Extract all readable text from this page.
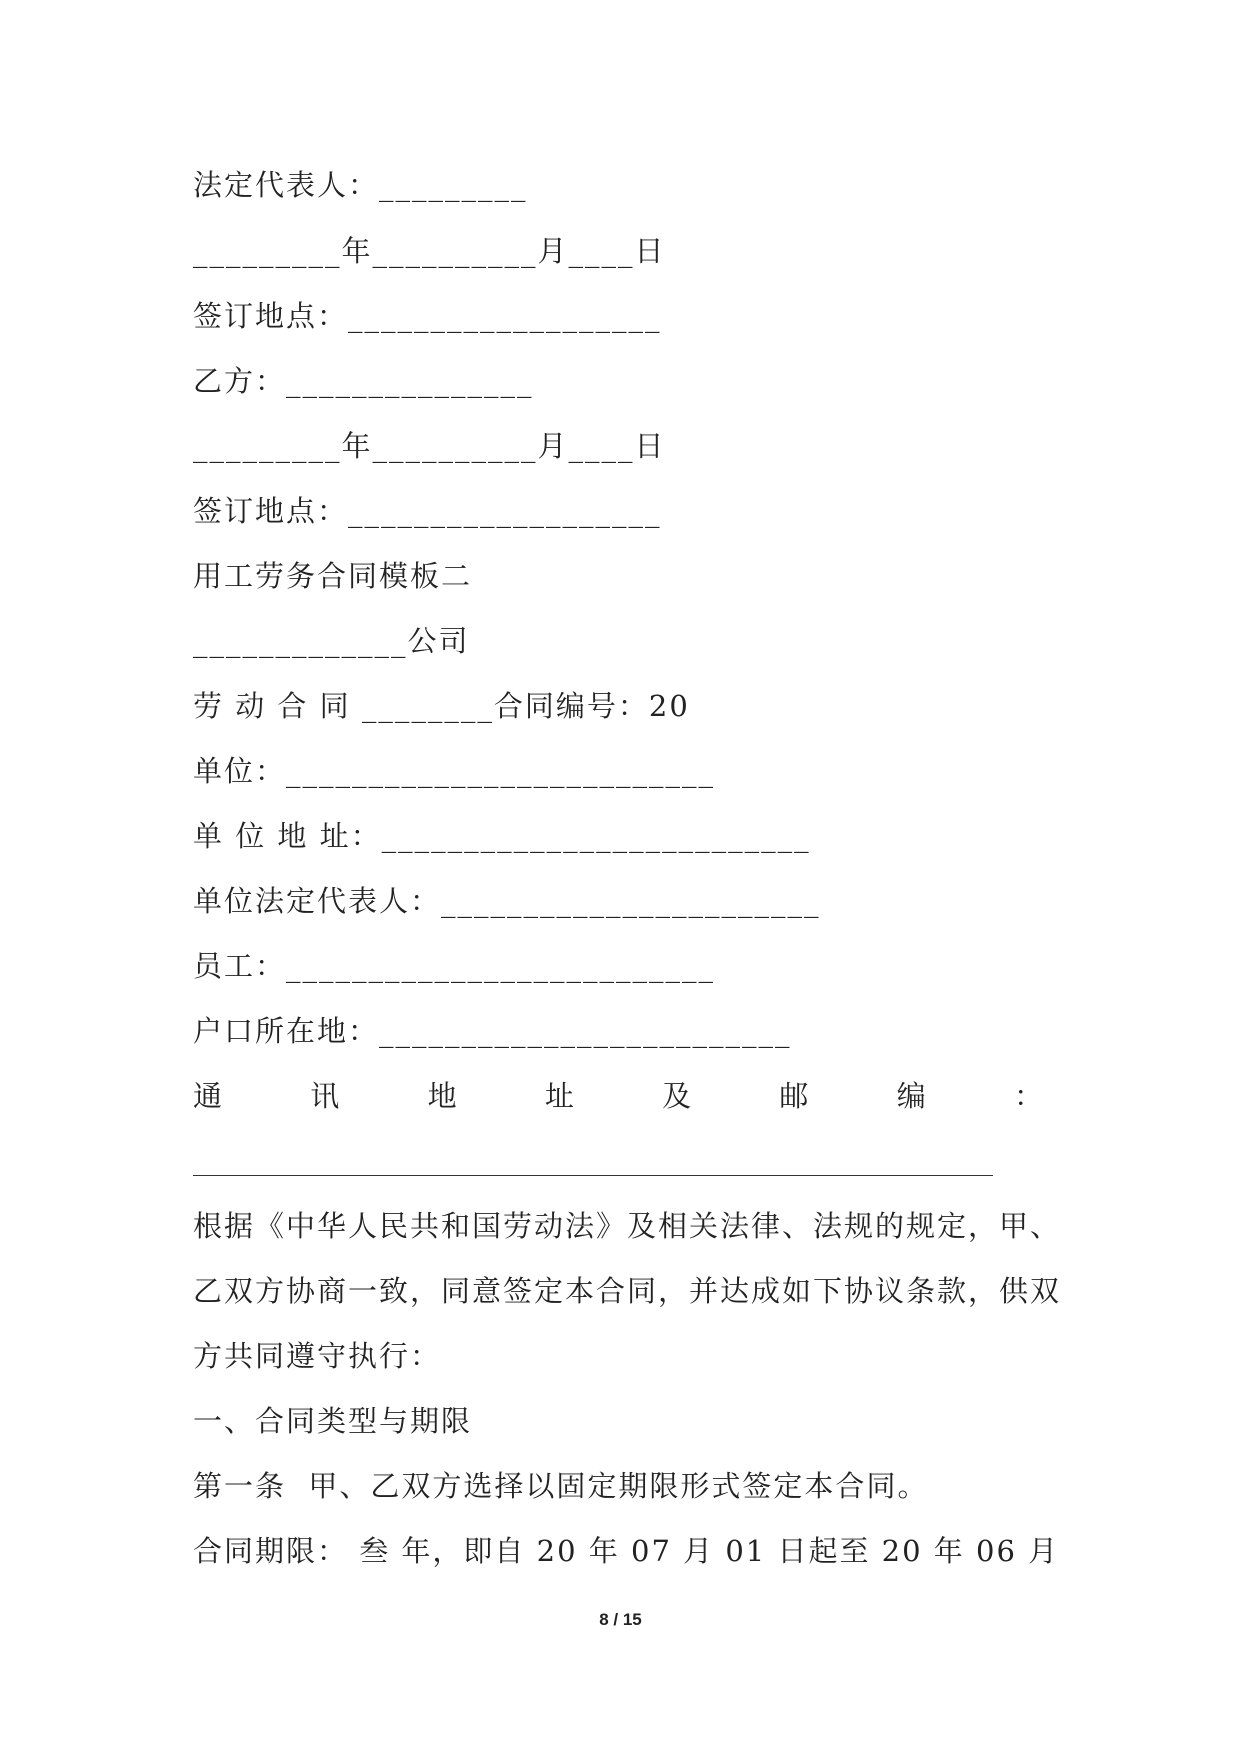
法定代表人：_________
_________年__________月____日
签订地点：___________________
乙方：_______________
_________年__________月____日
签订地点：___________________
用工劳务合同模板二
_____________公司
劳 动 合 同 ________合同编号：20
单位：__________________________
单 位 地 址：__________________________
单位法定代表人：_______________________
员工：__________________________
户口所在地：_________________________
通	讯	地	址	及	邮	编	：
根据《中华人民共和国劳动法》及相关法律、法规的规定，甲、
乙双方协商一致，同意签定本合同，并达成如下协议条款，供双
方共同遵守执行：
一、合同类型与期限
第一条  甲、乙双方选择以固定期限形式签定本合同。
合同期限： 叁 年，即自 20 年 07 月 01 日起至 20 年 06 月
8 / 15
